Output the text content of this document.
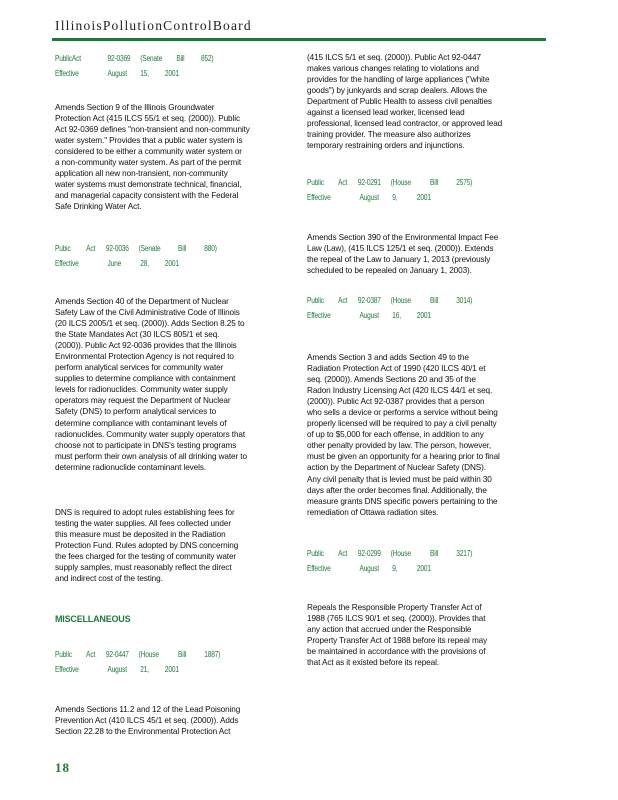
IllinoisPollutionControlBoard
PublicAct	92-0369 (Senate Bill 852)
Effective	August 15, 2001
Amends Section 9 of the Illinois Groundwater
Protection Act (415 ILCS 55/1 et seq. (2000)). Public
Act 92-0369 defines "non-transient and non-community
water system." Provides that a public water system is
considered to be either a community water system or
a non-community water system. As part of the permit
application all new non-transient, non-community
water systems must demonstrate technical, financial,
and managerial capacity consistent with the Federal
Safe Drinking Water Act.
Pubic Act 92-0036 (Senate Bill 880)
Effective	June 28, 2001
Amends Section 40 of the Department of Nuclear
Safety Law of the Civil Administrative Code of Illinois
(20 ILCS 2005/1 et seq. (2000)). Adds Section 8.25 to
the State Mandates Act (30 ILCS 805/1 et seq.
(2000)). Public Act 92-0036 provides that the Illinois
Environmental Protection Agency is not required to
perform analytical services for community water
supplies to determine compliance with containment
levels for radionuclides. Community water supply
operators may request the Department of Nuclear
Safety (DNS) to perform analytical services to
determine compliance with contaminant levels of
radionuclides. Community water supply operators that
choose not to participate in DNS's testing programs
must perform their own analysis of all drinking water to
determine radionuclide contaminant levels.
DNS is required to adopt rules establishing fees for
testing the water supplies. All fees collected under
this measure must be deposited in the Radiation
Protection Fund. Rules adopted by DNS concerning
the fees charged for the testing of community water
supply samples, must reasonably reflect the direct
and indirect cost of the testing.
MISCELLANEOUS
Public Act 92-0447 (House Bill 1887)
Effective	August 21, 2001
Amends Sections 11.2 and 12 of the Lead Poisoning
Prevention Act (410 ILCS 45/1 et seq. (2000)). Adds
Section 22.28 to the Environmental Protection Act
(415 ILCS 5/1 et seq. (2000)). Public Act 92-0447
makes various changes relating to violations and
provides for the handling of large appliances ("white
goods") by junkyards and scrap dealers. Allows the
Department of Public Health to assess civil penalties
against a licensed lead worker, licensed lead
professional, licensed lead contractor, or approved lead
training provider. The measure also authorizes
temporary restraining orders and injunctions.
Public Act 92-0291 (House Bill 2575)
Effective	August 9, 2001
Amends Section 390 of the Environmental Impact Fee
Law (Law), (415 ILCS 125/1 et seq. (2000)). Extends
the repeal of the Law to January 1, 2013 (previously
scheduled to be repealed on January 1, 2003).
Public Act 92-0387 (House Bill 3014)
Effective	August 16, 2001
Amends Section 3 and adds Section 49 to the
Radiation Protection Act of 1990 (420 ILCS 40/1 et
seq. (2000)). Amends Sections 20 and 35 of the
Radon Industry Licensing Act (420 ILCS 44/1 et seq.
(2000)). Public Act 92-0387 provides that a person
who sells a device or performs a service without being
properly licensed will be required to pay a civil penalty
of up to $5,000 for each offense, in addition to any
other penalty provided by law. The person, however,
must be given an opportunity for a hearing prior to final
action by the Department of Nuclear Safety (DNS).
Any civil penalty that is levied must be paid within 30
days after the order becomes final. Additionally, the
measure grants DNS specific powers pertaining to the
remediation of Ottawa radiation sites.
Public Act 92-0299 (House Bill 3217)
Effective	August 9, 2001
Repeals the Responsible Property Transfer Act of
1988 (765 ILCS 90/1 et seq. (2000)). Provides that
any action that accrued under the Responsible
Property Transfer Act of 1988 before its repeal may
be maintained in accordance with the provisions of
that Act as it existed before its repeal.
18
